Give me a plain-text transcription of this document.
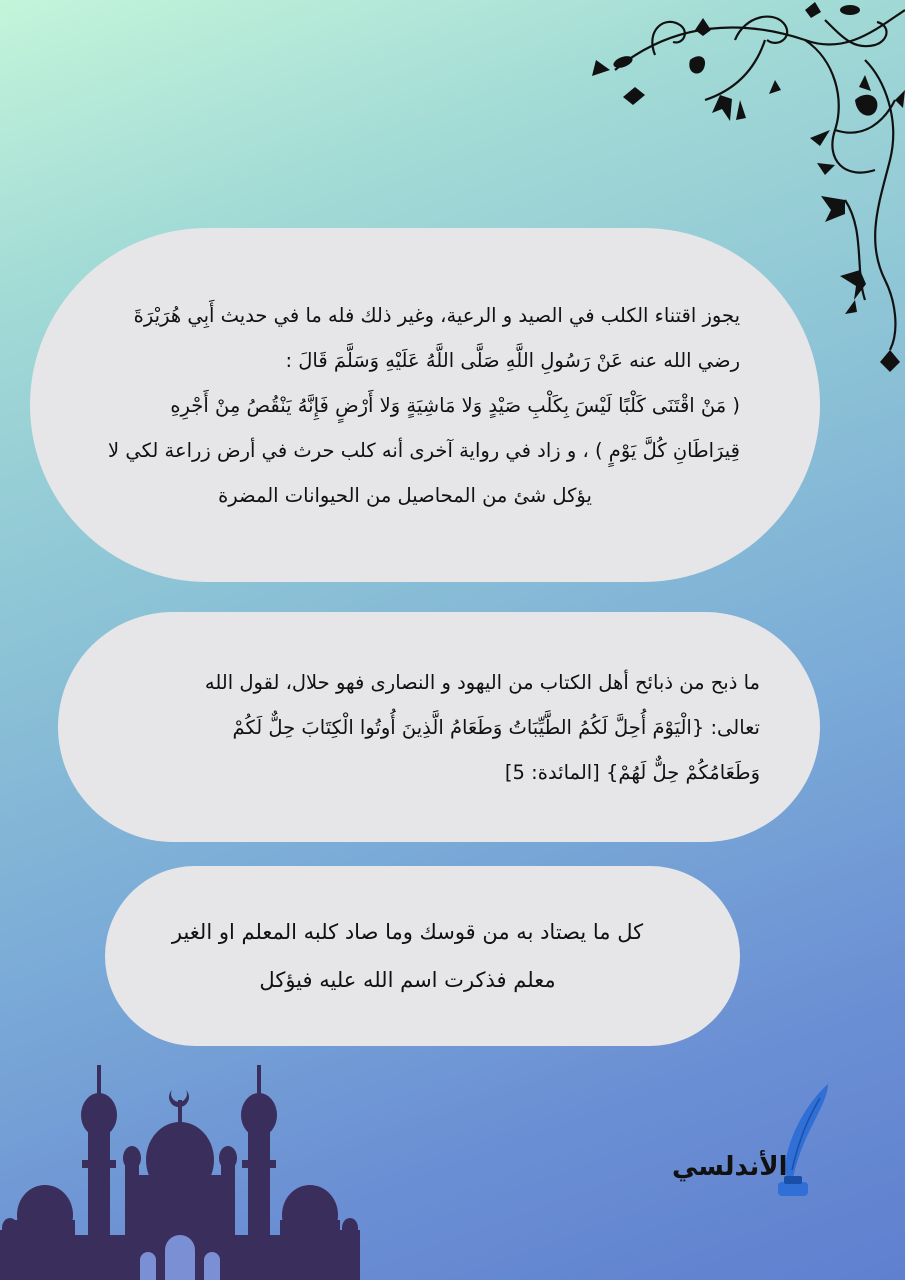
يجوز اقتناء الكلب في الصيد و الرعية، وغير ذلك فله ما في حديث أَبِي هُرَيْرَةَ

رضي الله عنه عَنْ رَسُولِ اللَّهِ صَلَّى اللَّهُ عَلَيْهِ وَسَلَّمَ قَالَ :

( مَنْ اقْتَنَى كَلْبًا لَيْسَ بِكَلْبِ صَيْدٍ وَلا مَاشِيَةٍ وَلا أَرْضٍ فَإِنَّهُ يَنْقُصُ مِنْ أَجْرِهِ

قِيرَاطَانِ كُلَّ يَوْمٍ ) ، و زاد في رواية آخرى أنه كلب حرث في أرض زراعة لكي لا

يؤكل شئ من المحاصيل من الحيوانات المضرة

ما ذبح من ذبائح أهل الكتاب من اليهود و النصارى فهو حلال، لقول الله

تعالى: {الْيَوْمَ أُحِلَّ لَكُمُ الطَّيِّبَاتُ وَطَعَامُ الَّذِينَ أُوتُوا الْكِتَابَ حِلٌّ لَكُمْ

وَطَعَامُكُمْ حِلٌّ لَهُمْ} [المائدة: 5]

كل ما يصتاد به من قوسك وما صاد كلبه المعلم او الغير

معلم فذكرت اسم الله عليه فيؤكل

الأندلسي
